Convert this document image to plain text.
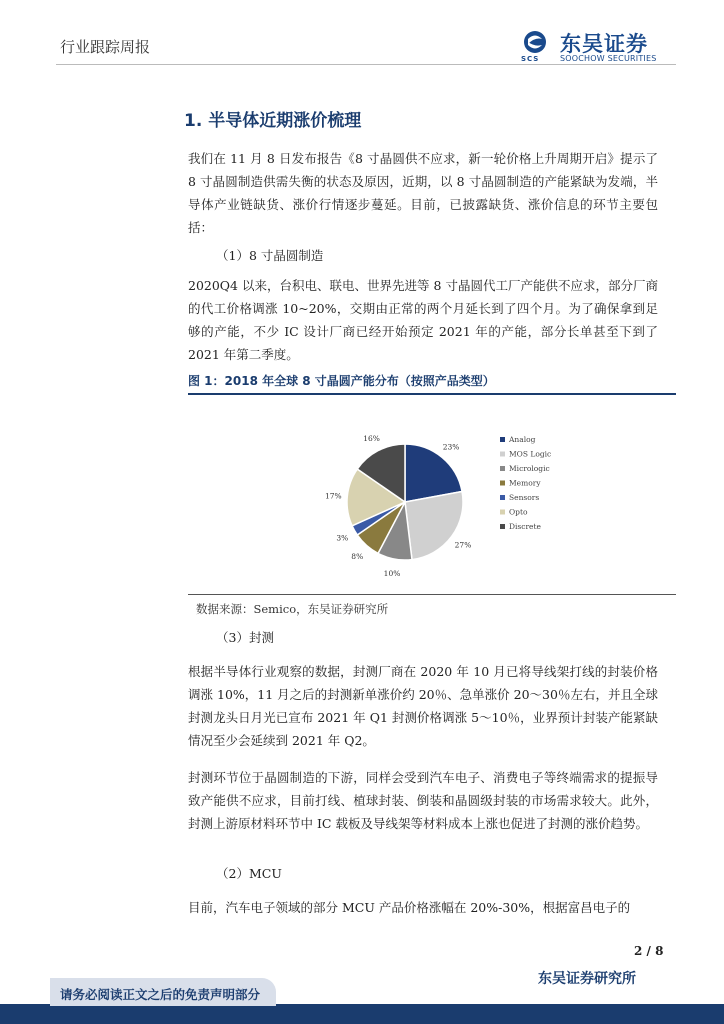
行业跟踪周报
SCS
东吴证券
SOOCHOW SECURITIES
1. 半导体近期涨价梳理

我们在 11 月 8 日发布报告《8 寸晶圆供不应求，新一轮价格上升周期开启》提示了 8 寸晶圆制造供需失衡的状态及原因，近期，以 8 寸晶圆制造的产能紧缺为发端，半导体产业链缺货、涨价行情逐步蔓延。目前，已披露缺货、涨价信息的环节主要包括：

（1）8 寸晶圆制造

2020Q4 以来，台积电、联电、世界先进等 8 寸晶圆代工厂产能供不应求，部分厂商的代工价格调涨 10~20%，交期由正常的两个月延长到了四个月。为了确保拿到足够的产能，不少 IC 设计厂商已经开始预定 2021 年的产能，部分长单甚至下到了 2021 年第二季度。

图 1：2018 年全球 8 寸晶圆产能分布（按照产品类型）
23%
27%
10%
8%
3%
17%
16%	Analog
MOS Logic
Micrologic
Memory
Sensors
Opto
Discrete
数据来源：Semico，东吴证券研究所

（3）封测

根据半导体行业观察的数据，封测厂商在 2020 年 10 月已将导线架打线的封装价格调涨 10%，11 月之后的封测新单涨价约 20％、急单涨价 20～30％左右，并且全球封测龙头日月光已宣布 2021 年 Q1 封测价格调涨 5～10％，业界预计封装产能紧缺情况至少会延续到 2021 年 Q2。

封测环节位于晶圆制造的下游，同样会受到汽车电子、消费电子等终端需求的提振导致产能供不应求，目前打线、植球封装、倒装和晶圆级封装的市场需求较大。此外，封测上游原材料环节中 IC 载板及导线架等材料成本上涨也促进了封测的涨价趋势。

（2）MCU

目前，汽车电子领域的部分 MCU 产品价格涨幅在 20%-30%，根据富昌电子的

2 / 8
东吴证券研究所
请务必阅读正文之后的免责声明部分
